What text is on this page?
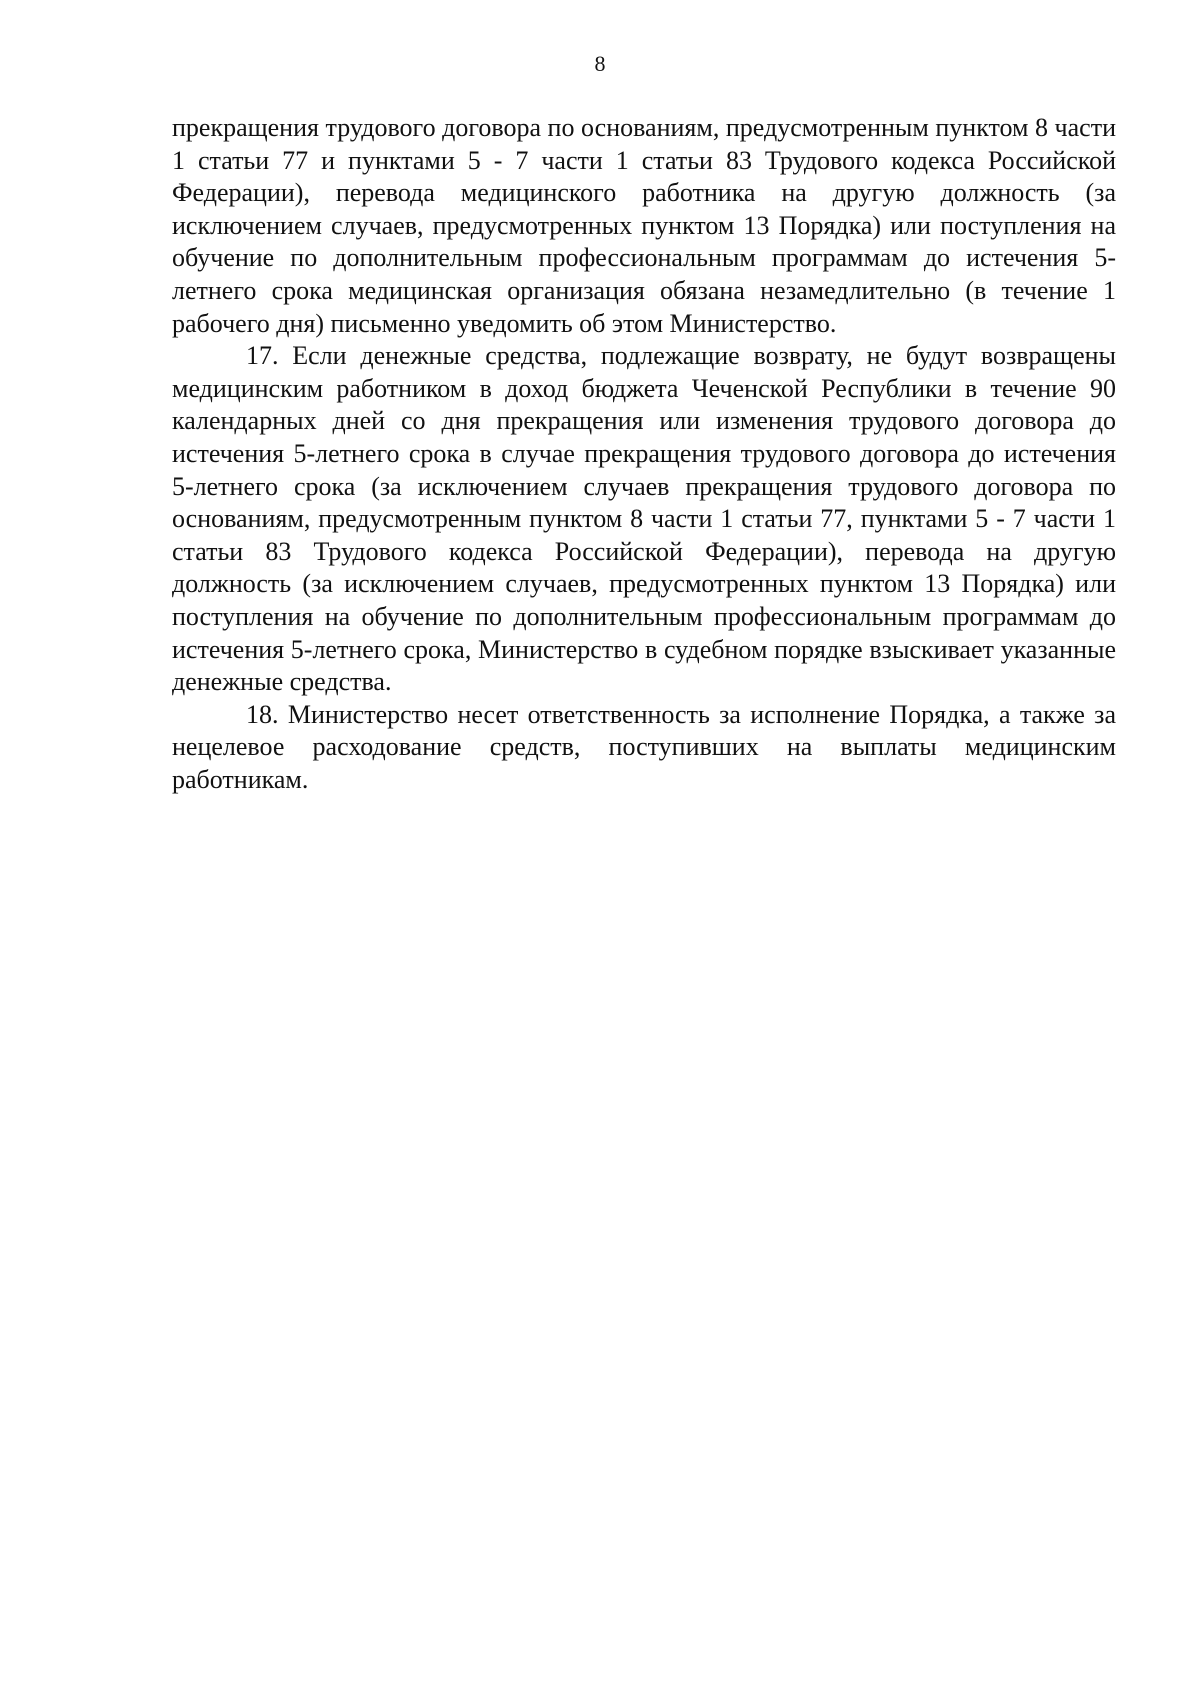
8

прекращения трудового договора по основаниям, предусмотренным пунктом 8 части 1 статьи 77 и пунктами 5 - 7 части 1 статьи 83 Трудового кодекса Российской Федерации), перевода медицинского работника на другую должность (за исключением случаев, предусмотренных пунктом 13 Порядка) или поступления на обучение по дополнительным профессиональным программам до истечения 5-летнего срока медицинская организация обязана незамедлительно (в течение 1 рабочего дня) письменно уведомить об этом Министерство.

17. Если денежные средства, подлежащие возврату, не будут возвращены медицинским работником в доход бюджета Чеченской Республики в течение 90 календарных дней со дня прекращения или изменения трудового договора до истечения 5-летнего срока в случае прекращения трудового договора до истечения 5-летнего срока (за исключением случаев прекращения трудового договора по основаниям, предусмотренным пунктом 8 части 1 статьи 77, пунктами 5 - 7 части 1 статьи 83 Трудового кодекса Российской Федерации), перевода на другую должность (за исключением случаев, предусмотренных пунктом 13 Порядка) или поступления на обучение по дополнительным профессиональным программам до истечения 5-летнего срока, Министерство в судебном порядке взыскивает указанные денежные средства.

18. Министерство несет ответственность за исполнение Порядка, а также за нецелевое расходование средств, поступивших на выплаты медицинским работникам.
